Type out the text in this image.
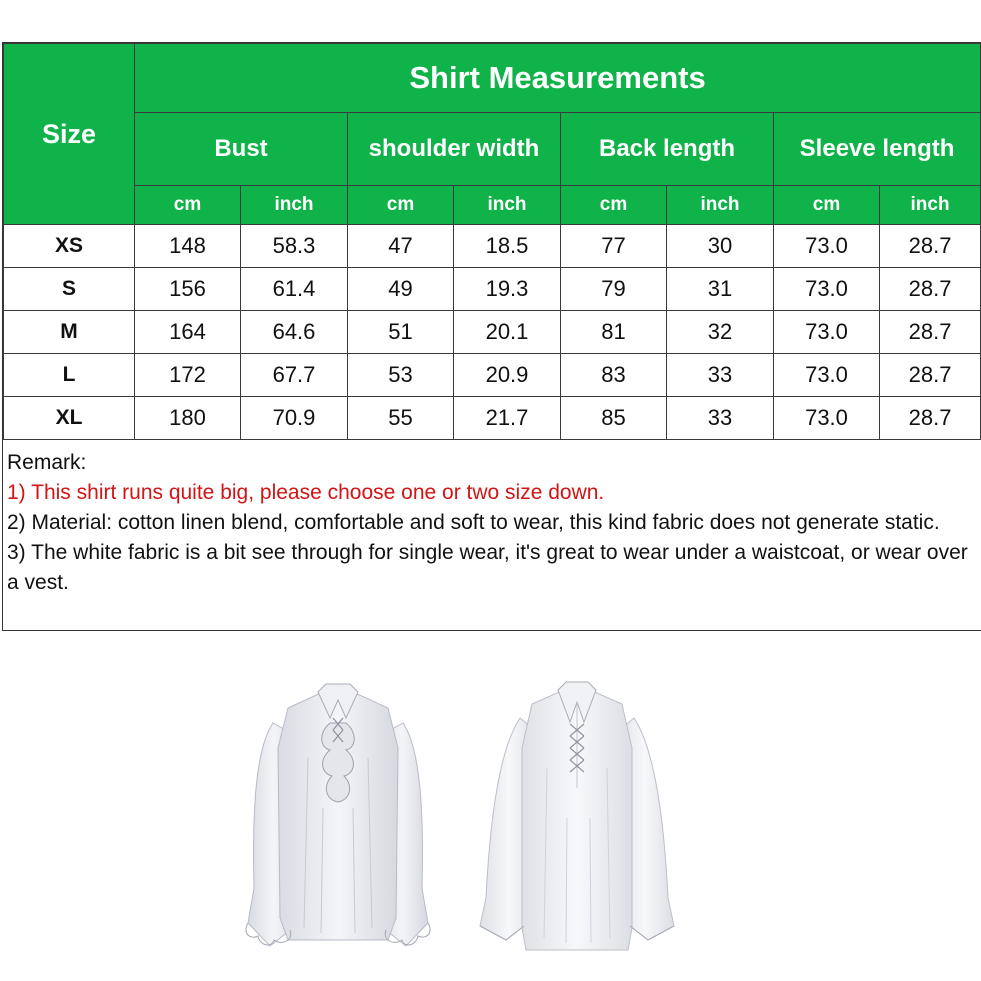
Size	Shirt Measurements							
	Bust		shoulder width		Back length		Sleeve length	
	cm	inch	cm	inch	cm	inch	cm	inch
XS	148	58.3	47	18.5	77	30	73.0	28.7
S	156	61.4	49	19.3	79	31	73.0	28.7
M	164	64.6	51	20.1	81	32	73.0	28.7
L	172	67.7	53	20.9	83	33	73.0	28.7
XL	180	70.9	55	21.7	85	33	73.0	28.7

Remark:

1) This shirt runs quite big, please choose one or two size down.

2) Material: cotton linen blend, comfortable and soft to wear, this kind fabric does not generate static.

3) The white fabric is a bit see through for single wear, it's great to wear under a waistcoat, or wear over a vest.
